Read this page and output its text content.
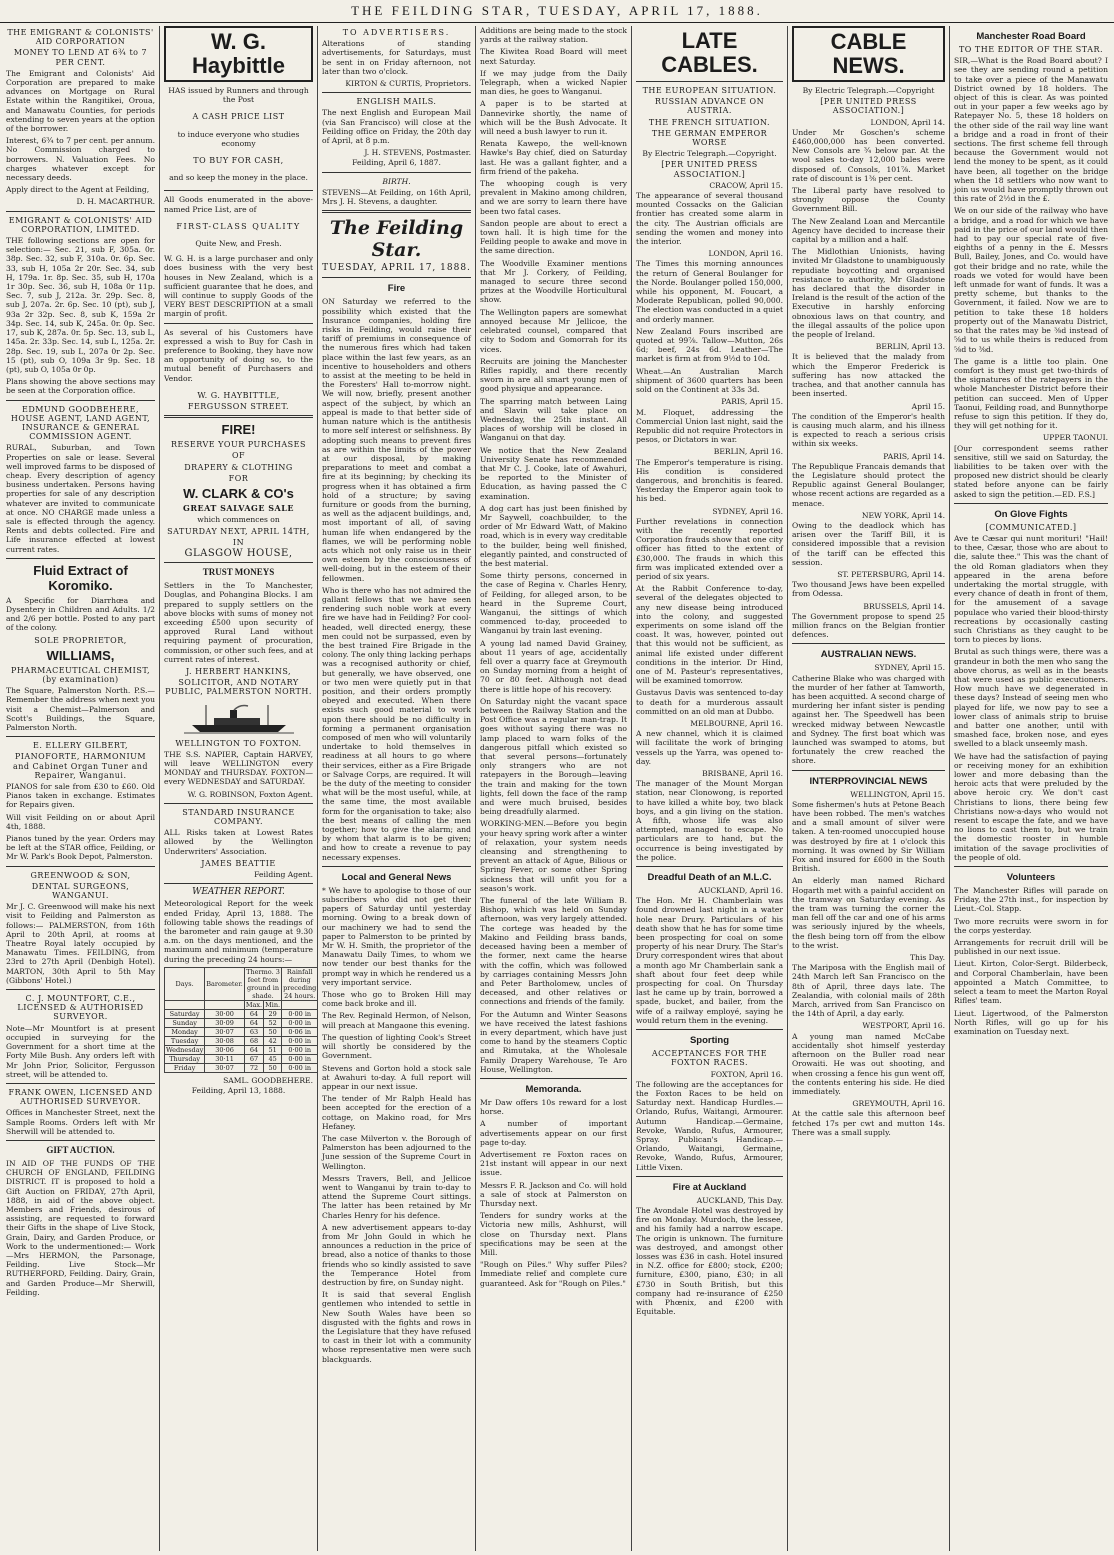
THE FEILDING STAR, TUESDAY, APRIL 17, 1888.
THE EMIGRANT & COLONISTS' AID CORPORATION
MONEY TO LEND AT 6¾ to 7 PER CENT.

The Emigrant and Colonists' Aid Corporation are prepared to make advances on Mortgage on Rural Estate within the Rangitikei, Oroua, and Manawatu Counties, for periods extending to seven years at the option of the borrower.

Interest, 6¾ to 7 per cent. per annum. No Commission charged to borrowers. N. Valuation Fees. No charges whatever except for necessary deeds.

Apply direct to the Agent at Feilding,

D. H. MACARTHUR.
EMIGRANT & COLONISTS' AID CORPORATION, LIMITED.

THE following sections are open for selection:— Sec. 21, sub F, 305a. 0r. 38p. Sec. 32, sub F, 310a. 0r. 6p. Sec. 33, sub H, 105a 2r 20r. Sec. 34, sub H, 179a. 1r. 8p. Sec. 35, sub H, 170a 1r 30p. Sec. 36, sub H, 108a 0r 11p. Sec. 7, sub J, 212a. 3r. 29p. Sec. 8, sub J, 207a. 2r. 6p. Sec. 10 (pt), sub J, 93a 2r 32p. Sec. 8, sub K, 159a 2r 34p. Sec. 14, sub K, 245a. 0r. 0p. Sec. 17, sub K, 287a. 0r. 5p. Sec. 13, sub L, 145a. 2r. 33p. Sec. 14, sub L, 125a. 2r. 28p. Sec. 19, sub L, 207a 0r 2p. Sec. 15 (pt), sub O, 109a 3r 9p. Sec. 18 (pt), sub O, 105a 0r 0p.

Plans showing the above sections may be seen at the Corporation office.

EDMUND GOODBEHERE, HOUSE AGENT, LAND AGENT, INSURANCE & GENERAL COMMISSION AGENT.

RURAL, Suburban, and Town Properties on sale or lease. Several well improved farms to be disposed of cheap. Every description of agency business undertaken. Persons having properties for sale of any description whatever are invited to communicate at once. NO CHARGE made unless a sale is effected through the agency. Rents and debts collected. Fire and Life insurance effected at lowest current rates.

Fluid Extract of Koromiko.

A Specific for Diarrhœa and Dysentery in Children and Adults. 1/2 and 2/6 per bottle. Posted to any part of the colony.

SOLE PROPRIETOR,
WILLIAMS,
PHARMACEUTICAL CHEMIST, (by examination)

The Square, Palmerston North. P.S.—Remember the address when next you visit a Chemist—Palmerson and Scott's Buildings, the Square, Palmerston North.

E. ELLERY GILBERT,
PIANOFORTE, HARMONIUM and Cabinet Organ Tuner and Repairer, Wanganui.

PIANOS for sale from £30 to £60. Old Pianos taken in exchange. Estimates for Repairs given.

Will visit Feilding on or about April 4th, 1888.

Pianos tuned by the year. Orders may be left at the STAR office, Feilding, or Mr W. Park's Book Depot, Palmerston.

GREENWOOD & SON,
DENTAL SURGEONS, WANGANUI.

Mr J. C. Greenwood will make his next visit to Feilding and Palmerston as follows:— PALMERSTON, from 16th April to 20th April, at rooms at Theatre Royal lately occupied by Manawatu Times. FEILDING, from 23rd to 27th April (Denbigh Hotel). MARTON, 30th April to 5th May (Gibbons' Hotel.)

C. J. MOUNTFORT, C.E., LICENSED & AUTHORISED SURVEYOR.

Note—Mr Mountfort is at present occupied in surveying for the Government for a short time at the Forty Mile Bush. Any orders left with Mr John Prior, Solicitor, Fergusson street, will be attended to.

FRANK OWEN, LICENSED AND AUTHORISED SURVEYOR.

Offices in Manchester Street, next the Sample Rooms. Orders left with Mr Sherwill will be attended to.

GIFT AUCTION.

IN AID OF THE FUNDS OF THE CHURCH OF ENGLAND, FEILDING DISTRICT. IT is proposed to hold a Gift Auction on FRIDAY, 27th April, 1888, in aid of the above object. Members and Friends, desirous of assisting, are requested to forward their Gifts in the shape of Live Stock, Grain, Dairy, and Garden Produce, or Work to the undermentioned:— Work—Mrs HERMON, the Parsonage, Feilding. Live Stock—Mr RUTHERFORD, Feilding. Dairy, Grain, and Garden Produce—Mr Sherwill, Feilding.

W. G. Haybittle
HAS issued by Runners and through the Post
A CASH PRICE LIST
to induce everyone who studies economy
TO BUY FOR CASH,
and so keep the money in the place.

All Goods enumerated in the above-named Price List, are of

FIRST-CLASS QUALITY
Quite New, and Fresh.

W. G. H. is a large purchaser and only does business with the very best houses in New Zealand, which is a sufficient guarantee that he does, and will continue to supply Goods of the VERY BEST DESCRIPTION at a small margin of profit.

As several of his Customers have expressed a wish to Buy for Cash in preference to Booking, they have now an opportunity of doing so, to the mutual benefit of Purchasers and Vendor.

W. G. HAYBITTLE,
FERGUSSON STREET.
FIRE!
RESERVE YOUR PURCHASES
OF
DRAPERY & CLOTHING
FOR
W. CLARK & CO's
GREAT SALVAGE SALE
which commences on
SATURDAY NEXT, APRIL 14TH,
IN
GLASGOW HOUSE,
TRUST MONEYS

Settlers in the To Manchester, Douglas, and Pohangina Blocks. I am prepared to supply settlers on the above blocks with sums of money not exceeding £500 upon security of approved Rural Land without requiring payment of procuration, commission, or other such fees, and at current rates of interest.

J. HERBERT HANKINS,
SOLICITOR, AND NOTARY PUBLIC, PALMERSTON NORTH.
WELLINGTON TO FOXTON.

THE S.S. NAPIER, Captain HARVEY, will leave WELLINGTON every MONDAY and THURSDAY. FOXTON—every WEDNESDAY and SATURDAY.

W. G. ROBINSON, Foxton Agent.
STANDARD INSURANCE COMPANY.

ALL Risks taken at Lowest Rates allowed by the Wellington Underwriters' Association.

JAMES BEATTIE
Feilding Agent.
WEATHER REPORT.

Meteorological Report for the week ended Friday, April 13, 1888. The following table shows the readings of the barometer and rain gauge at 9.30 a.m. on the days mentioned, and the maximum and minimum (temperature during the preceding 24 hours:—

Days.	Barometer.	Thermo. 3 feet from ground in shade.		Rainfall during preceding 24 hours.
		Max.	Min.	
Saturday	30·00	64	29	0·00 in
Sunday	30·09	64	52	0·00 in
Monday	30·07	63	50	0·06 in
Tuesday	30·08	68	42	0·00 in
Wednesday	30·06	64	51	0·00 in
Thursday	30·11	67	45	0·00 in
Friday	30·07	72	50	0·00 in
SAML. GOODBEHERE.
Feilding, April 13, 1888.
TO ADVERTISERS.

Alterations of standing advertisements, for Saturdays, must be sent in on Friday afternoon, not later than two o'clock.

KIRTON & CURTIS, Proprietors.
ENGLISH MAILS.

The next English and European Mail (via San Francisco) will close at the Feilding office on Friday, the 20th day of April, at 8 p.m.

J. H. STEVENS, Postmaster.
Feilding, April 6, 1887.
BIRTH.

STEVENS—At Feilding, on 16th April, Mrs J. H. Stevens, a daughter.

The Feilding Star.
TUESDAY, APRIL 17, 1888.
Fire

ON Saturday we referred to the possibility which existed that the Insurance companies, holding fire risks in Feilding, would raise their tariff of premiums in consequence of the numerous fires which had taken place within the last few years, as an incentive to householders and others to assist at the meeting to be held in the Foresters' Hall to-morrow night. We will now, briefly, present another aspect of the subject, by which an appeal is made to that better side of human nature which is the antithesis to more self interest or selfishness. By adopting such means to prevent fires as are within the limits of the power at our disposal, by making preparations to meet and combat a fire at its beginning; by checking its progress when it has obtained a firm hold of a structure; by saving furniture or goods from the burning, as well as the adjacent buildings, and, most important of all, of saving human life when endangered by the flames, we will be performing noble acts which not only raise us in their own esteem by the consciousness of well-doing, but in the esteem of their fellowmen.

Who is there who has not admired the gallant fellows that we have seen rendering such noble work at every fire we have had in Feilding? For cool-headed, well directed energy, these men could not be surpassed, even by the best trained Fire Brigade in the colony. The only thing lacking perhaps was a recognised authority or chief, but generally, we have observed, one or two men were quietly put in that position, and their orders promptly obeyed and executed. When there exists such good material to work upon there should be no difficulty in forming a permanent organisation composed of men who will voluntarily undertake to hold themselves in readiness at all hours to go where their services, either as a Fire Brigade or Salvage Corps, are required. It will be the duty of the meeting to consider what will be the most useful, while, at the same time, the most available form for the organisation to take; also the best means of calling the men together; how to give the alarm; and by whom that alarm is to be given; and how to create a revenue to pay necessary expenses.

Local and General News

* We have to apologise to those of our subscribers who did not get their papers of Saturday until yesterday morning. Owing to a break down of our machinery we had to send the paper to Palmerston to be printed by Mr W. H. Smith, the proprietor of the Manawatu Daily Times, to whom we now tender our best thanks for the prompt way in which he rendered us a very important service.

Those who go to Broken Hill may come back broke and ill.

The Rev. Reginald Hermon, of Nelson, will preach at Mangaone this evening.

The question of lighting Cook's Street will shortly be considered by the Government.

Stevens and Gorton hold a stock sale at Awahuri to-day. A full report will appear in our next issue.

The tender of Mr Ralph Heald has been accepted for the erection of a cottage, on Makino road, for Mrs Hefaney.

The case Milverton v. the Borough of Palmerston has been adjourned to the June session of the Supreme Court in Wellington.

Messrs Travers, Bell, and Jellicoe went to Wanganui by train to-day to attend the Supreme Court sittings. The latter has been retained by Mr Charles Henry for his defence.

A new advertisement appears to-day from Mr John Gould in which he announces a reduction in the price of bread, also a notice of thanks to those friends who so kindly assisted to save the Temperance Hotel from destruction by fire, on Sunday night.

It is said that several English gentlemen who intended to settle in New South Wales have been so disgusted with the fights and rows in the Legislature that they have refused to cast in their lot with a community whose representative men were such blackguards.

Additions are being made to the stock yards at the railway station.

The Kiwitea Road Board will meet next Saturday.

If we may judge from the Daily Telegraph, when a wicked Napier man dies, he goes to Wanganui.

A paper is to be started at Dannevirke shortly, the name of which will be the Bush Advocate. It will need a bush lawyer to run it.

Renata Kawepo, the well-known Hawke's Bay chief, died on Saturday last. He was a gallant fighter, and a firm friend of the pakeha.

The whooping cough is very prevalent in Makino among children, and we are sorry to learn there have been two fatal cases.

Sandon people are about to erect a town hall. It is high time for the Feilding people to awake and move in the same direction.

The Woodville Examiner mentions that Mr J. Corkery, of Feilding, managed to secure three second prizes at the Woodville Horticultural show.

The Wellington papers are somewhat annoyed because Mr Jellicoe, the celebrated counsel, compared that city to Sodom and Gomorrah for its vices.

Recruits are joining the Manchester Rifles rapidly, and there recently sworn in are all smart young men of good physique and appearance.

The sparring match between Laing and Slavin will take place on Wednesday, the 25th instant. All places of worship will be closed in Wanganui on that day.

We notice that the New Zealand University Senate has recommended that Mr C. J. Cooke, late of Awahuri, be reported to the Minister of Education, as having passed the C examination.

A dog cart has just been finished by Mr Saywell, coachbuilder, to the order of Mr Edward Watt, of Makino road, which is in every way creditable to the builder, being well finished, elegantly painted, and constructed of the best material.

Some thirty persons, concerned in the case of Regina v. Charles Henry, of Feilding, for alleged arson, to be heard in the Supreme Court, Wanganui, the sittings of which commenced to-day, proceeded to Wanganui by train last evening.

A young lad named David Grainey, about 11 years of age, accidentally fell over a quarry face at Greymouth on Sunday morning from a height of 70 or 80 feet. Although not dead there is little hope of his recovery.

On Saturday night the vacant space between the Railway Station and the Post Office was a regular man-trap. It goes without saying there was no lamp placed to warn folks of the dangerous pitfall which existed so that several persons—fortunately only strangers who are not ratepayers in the Borough—leaving the train and making for the town lights, fell down the face of the ramp and were much bruised, besides being dreadfully alarmed.

WORKING-MEN.—Before you begin your heavy spring work after a winter of relaxation, your system needs cleansing and strengthening to prevent an attack of Ague, Bilious or Spring Fever, or some other Spring sickness that will unfit you for a season's work.

The funeral of the late William B. Bishop, which was held on Sunday afternoon, was very largely attended. The cortege was headed by the Makino and Feilding brass bands, deceased having been a member of the former, next came the hearse with the coffin, which was followed by carriages containing Messrs John and Peter Bartholomew, uncles of deceased, and other relatives or connections and friends of the family.

For the Autumn and Winter Seasons we have received the latest fashions in every department, which have just come to hand by the steamers Coptic and Rimutaka, at the Wholesale Family Drapery Warehouse, Te Aro House, Wellington.

Memoranda.

Mr Daw offers 10s reward for a lost horse.

A number of important advertisements appear on our first page to-day.

Advertisement re Foxton races on 21st instant will appear in our next issue.

Messrs F. R. Jackson and Co. will hold a sale of stock at Palmerston on Thursday next.

Tenders for sundry works at the Victoria new mills, Ashhurst, will close on Thursday next. Plans specifications may be seen at the Mill.

"Rough on Piles." Why suffer Piles? Immediate relief and complete cure guaranteed. Ask for "Rough on Piles."

LATE CABLES.
THE EUROPEAN SITUATION.
RUSSIAN ADVANCE ON AUSTRIA.
THE FRENCH SITUATION.
THE GERMAN EMPEROR WORSE
By Electric Telegraph.—Copyright.
[PER UNITED PRESS ASSOCIATION.]
CRACOW, April 15.

The appearance of several thousand mounted Cossacks on the Galician frontier has created some alarm in the city. The Austrian officials are sending the women and money into the interior.

LONDON, April 16.

The Times this morning announces the return of General Boulanger for the Norde. Boulanger polled 150,000, while his opponent, M. Foucart, a Moderate Republican, polled 90,000. The election was conducted in a quiet and orderly manner.

New Zealand Fours inscribed are quoted at 99⅞. Tallow—Mutton, 26s 6d; beef, 24s 6d. Leather—The market is firm at from 9½d to 10d.

Wheat.—An Australian March shipment of 3600 quarters has been sold on the Continent at 33s 3d.

PARIS, April 15.

M. Floquet, addressing the Commercial Union last night, said the Republic did not require Protectors in pesos, or Dictators in war.

BERLIN, April 16.

The Emperor's temperature is rising. His condition is considered dangerous, and bronchitis is feared. Yesterday the Emperor again took to his bed.

SYDNEY, April 16.

Further revelations in connection with the recently reported Corporation frauds show that one city officer has fitted to the extent of £30,000. The frauds in which this firm was implicated extended over a period of six years.

At the Rabbit Conference to-day, several of the delegates objected to any new disease being introduced into the colony, and suggested experiments on some island off the coast. It was, however, pointed out that this would not be sufficient, as animal life existed under different conditions in the interior. Dr Hind, one of M. Pasteur's representatives, will be examined tomorrow.

Gustavus Davis was sentenced to-day to death for a murderous assault committed on an old man at Dubbo.

MELBOURNE, April 16.

A new channel, which it is claimed will facilitate the work of bringing vessels up the Yarra, was opened to-day.

BRISBANE, April 16.

The manager of the Mount Morgan station, near Clonowong, is reported to have killed a white boy, two black boys, and a gin living on the station. A fifth, whose life was also attempted, managed to escape. No particulars are to hand, but the occurrence is being investigated by the police.

Dreadful Death of an M.L.C.
AUCKLAND, April 16.

The Hon. Mr H. Chamberlain was found drowned last night in a water hole near Drury. Particulars of his death show that he has for some time been prospecting for coal on some property of his near Drury. The Star's Drury correspondent wires that about a month ago Mr Chamberlain sank a shaft about four feet deep while prospecting for coal. On Thursday last he came up by train, borrowed a spade, bucket, and bailer, from the wife of a railway employé, saying he would return them in the evening.

Sporting
ACCEPTANCES FOR THE FOXTON RACES.
FOXTON, April 16.

The following are the acceptances for the Foxton Races to be held on Saturday next. Handicap Hurdles.—Orlando, Rufus, Waitangi, Armourer. Autumn Handicap.—Germaine, Revoke, Wando, Rufus, Armourer, Spray. Publican's Handicap.—Orlando, Waitangi, Germaine, Revoke, Wando, Rufus, Armourer, Little Vixen.

Fire at Auckland
AUCKLAND, This Day.

The Avondale Hotel was destroyed by fire on Monday. Murdoch, the lessee, and his family had a narrow escape. The origin is unknown. The furniture was destroyed, and amongst other losses was £36 in cash. Hotel insured in N.Z. office for £800; stock, £200; furniture, £300, piano, £30; in all £730 in South British, but this company had re-insurance of £250 with Phœnix, and £200 with Equitable.

CABLE NEWS.
By Electric Telegraph.—Copyright
[PER UNITED PRESS ASSOCIATION.]
LONDON, April 14.

Under Mr Goschen's scheme £460,000,000 has been converted. New Consols are ¾ below par. At the wool sales to-day 12,000 bales were disposed of. Consols, 101⅞. Market rate of discount is 1⅜ per cent.

The Liberal party have resolved to strongly oppose the County Government Bill.

The New Zealand Loan and Mercantile Agency have decided to increase their capital by a million and a half.

The Midlothian Unionists, having invited Mr Gladstone to unambiguously repudiate boycotting and organised resistance to authority, Mr Gladstone has declared that the disorder in Ireland is the result of the action of the Executive in harshly enforcing obnoxious laws on that country, and the illegal assaults of the police upon the people of Ireland.

BERLIN, April 13.

It is believed that the malady from which the Emperor Frederick is suffering has now attacked the trachea, and that another cannula has been inserted.

April 15.

The condition of the Emperor's health is causing much alarm, and his illness is expected to reach a serious crisis within six weeks.

PARIS, April 14.

The Republique Francais demands that the Legislature should protect the Republic against General Boulanger, whose recent actions are regarded as a menace.

NEW YORK, April 14.

Owing to the deadlock which has arisen over the Tariff Bill, it is considered impossible that a revision of the tariff can be effected this session.

ST. PETERSBURG, April 14.

Two thousand Jews have been expelled from Odessa.

BRUSSELS, April 14.

The Government propose to spend 25 million francs on the Belgian frontier defences.

AUSTRALIAN NEWS.
SYDNEY, April 15.

Catherine Blake who was charged with the murder of her father at Tamworth, has been acquitted. A second charge of murdering her infant sister is pending against her. The Speedwell has been wrecked midway between Newcastle and Sydney. The first boat which was launched was swamped to atoms, but fortunately the crew reached the shore.

INTERPROVINCIAL NEWS
WELLINGTON, April 15.

Some fishermen's huts at Petone Beach have been robbed. The men's watches and a small amount of silver were taken. A ten-roomed unoccupied house was destroyed by fire at 1 o'clock this morning. It was owned by Sir William Fox and insured for £600 in the South British.

An elderly man named Richard Hogarth met with a painful accident on the tramway on Saturday evening. As the tram was turning the corner the man fell off the car and one of his arms was seriously injured by the wheels, the flesh being torn off from the elbow to the wrist.

This Day.

The Mariposa with the English mail of 24th March left San Francisco on the 8th of April, three days late. The Zealandia, with colonial mails of 28th March, arrived from San Francisco on the 14th of April, a day early.

WESTPORT, April 16.

A young man named McCabe accidentally shot himself yesterday afternoon on the Buller road near Orowaiti. He was out shooting, and when crossing a fence his gun went off, the contents entering his side. He died immediately.

GREYMOUTH, April 16.

At the cattle sale this afternoon beef fetched 17s per cwt and mutton 14s. There was a small supply.

Manchester Road Board
TO THE EDITOR OF THE STAR.

SIR,—What is the Road Board about? I see they are sending round a petition to take over a piece of the Manawatu District owned by 18 holders. The object of this is clear. As was pointed out in your paper a few weeks ago by Ratepayer No. 5, these 18 holders on the other side of the rail way line want a bridge and a road in front of their sections. The first scheme fell through because the Government would not lend the money to be spent, as it could have been, all together on the bridge when the 18 settlers who now want to join us would have promptly thrown out this rate of 2½d in the £.

We on our side of the railway who have a bridge, and a road for which we have paid in the price of our land would then had to pay our special rate of five-eighths of a penny in the £. Messrs Bull, Bailey, Jones, and Co. would have got their bridge and no rate, while the roads we voted for would have been left unmade for want of funds. It was a pretty scheme, but thanks to the Government, it failed. Now we are to petition to take these 18 holders property out of the Manawatu District, so that the rates may be ⅜d instead of ⅝d to us while theirs is reduced from ⅝d to ⅜d.

The game is a little too plain. One comfort is they must get two-thirds of the signatures of the ratepayers in the whole Manchester District before their petition can succeed. Men of Upper Taonui, Feilding road, and Bunnythorpe refuse to sign this petition. If they do, they will get nothing for it.

UPPER TAONUI.

[Our correspondent seems rather sensitive, still we said on Saturday, the liabilities to be taken over with the proposed new district should be clearly stated before anyone can be fairly asked to sign the petition.—ED. F.S.]

On Glove Fights
[COMMUNICATED.]

Ave te Cæsar qui nunt morituri! "Hail! to thee, Cæsar, those who are about to die, salute thee." This was the chant of the old Roman gladiators when they appeared in the arena before undertaking the mortal struggle, with every chance of death in front of them, for the amusement of a savage populace who varied their blood-thirsty recreations by occasionally casting such Christians as they caught to be torn to pieces by lions.

Brutal as such things were, there was a grandeur in both the men who sang the above chorus, as well as in the beasts that were used as public executioners. How much have we degenerated in these days? Instead of seeing men who played for life, we now pay to see a lower class of animals strip to bruise and batter one another, until with smashed face, broken nose, and eyes swelled to a black unseemly mash.

We have had the satisfaction of paying or receiving money for an exhibition lower and more debasing than the heroic acts that were preluded by the above heroic cry. We don't cast Christians to lions, there being few Christians now-a-days who would not resent to escape the fate, and we have no lions to cast them to, but we train the domestic rooster in humble imitation of the savage proclivities of the people of old.

Volunteers

The Manchester Rifles will parade on Friday, the 27th inst., for inspection by Lieut.-Col. Stapp.

Two more recruits were sworn in for the corps yesterday.

Arrangements for recruit drill will be published in our next issue.

Lieut. Kirton, Color-Sergt. Bilderbeck, and Corporal Chamberlain, have been appointed a Match Committee, to select a team to meet the Marton Royal Rifles' team.

Lieut. Ligertwood, of the Palmerston North Rifles, will go up for his examination on Tuesday next.
